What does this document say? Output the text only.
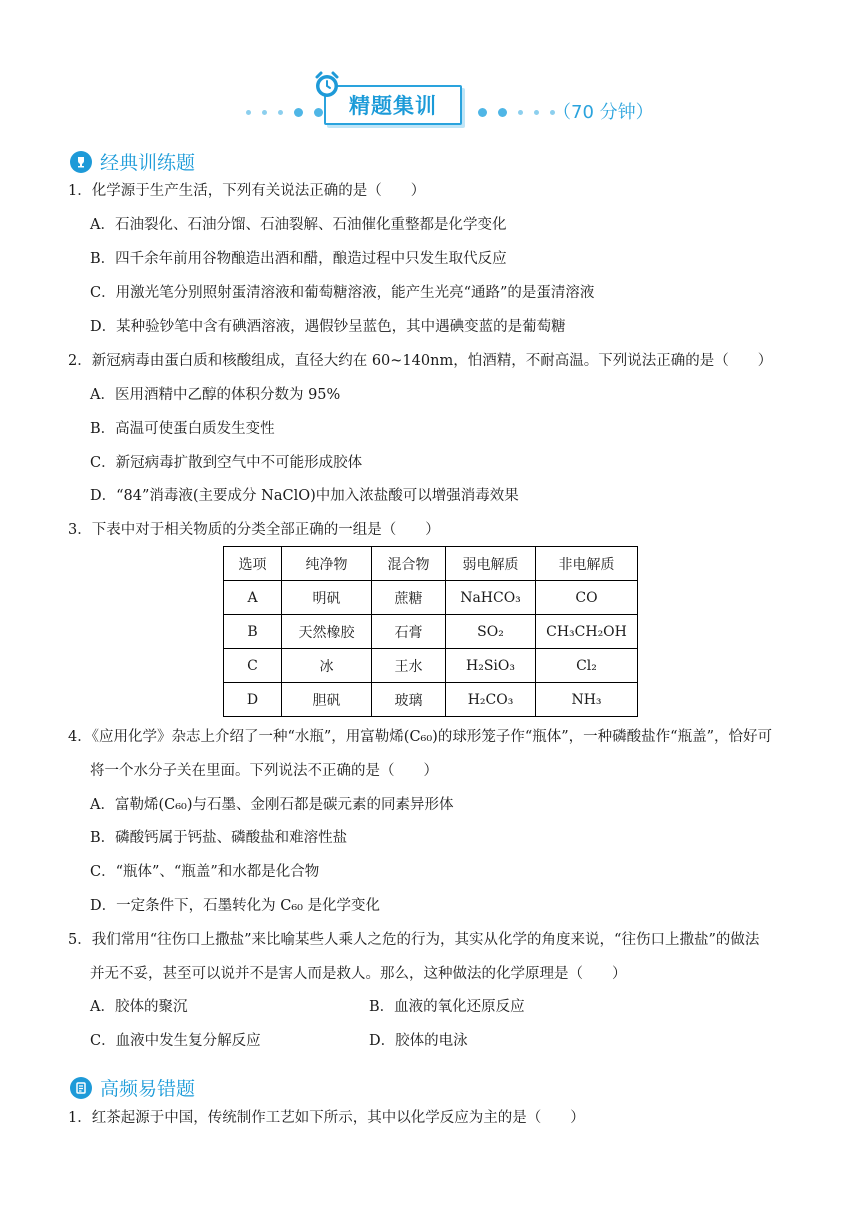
精题集训	（70 分钟）
经典训练题
1．化学源于生产生活，下列有关说法正确的是（　　）
A．石油裂化、石油分馏、石油裂解、石油催化重整都是化学变化
B．四千余年前用谷物酿造出酒和醋，酿造过程中只发生取代反应
C．用激光笔分别照射蛋清溶液和葡萄糖溶液，能产生光亮“通路”的是蛋清溶液
D．某种验钞笔中含有碘酒溶液，遇假钞呈蓝色，其中遇碘变蓝的是葡萄糖
2．新冠病毒由蛋白质和核酸组成，直径大约在 60~140nm，怕酒精，不耐高温。下列说法正确的是（　　）
A．医用酒精中乙醇的体积分数为 95%
B．高温可使蛋白质发生变性
C．新冠病毒扩散到空气中不可能形成胶体
D．“84”消毒液(主要成分 NaClO)中加入浓盐酸可以增强消毒效果
3．下表中对于相关物质的分类全部正确的一组是（　　）
选项	纯净物	混合物	弱电解质	非电解质
A	明矾	蔗糖	NaHCO₃	CO
B	天然橡胶	石膏	SO₂	CH₃CH₂OH
C	冰	王水	H₂SiO₃	Cl₂
D	胆矾	玻璃	H₂CO₃	NH₃
4．《应用化学》杂志上介绍了一种“水瓶”，用富勒烯(C₆₀)的球形笼子作“瓶体”，一种磷酸盐作“瓶盖”，恰好可
将一个水分子关在里面。下列说法不正确的是（　　）
A．富勒烯(C₆₀)与石墨、金刚石都是碳元素的同素异形体
B．磷酸钙属于钙盐、磷酸盐和难溶性盐
C．“瓶体”、“瓶盖”和水都是化合物
D．一定条件下，石墨转化为 C₆₀ 是化学变化
5．我们常用“往伤口上撒盐”来比喻某些人乘人之危的行为，其实从化学的角度来说，“往伤口上撒盐”的做法
并无不妥，甚至可以说并不是害人而是救人。那么，这种做法的化学原理是（　　）
A．胶体的聚沉	B．血液的氧化还原反应
C．血液中发生复分解反应	D．胶体的电泳
高频易错题
1．红茶起源于中国，传统制作工艺如下所示，其中以化学反应为主的是（　　）
